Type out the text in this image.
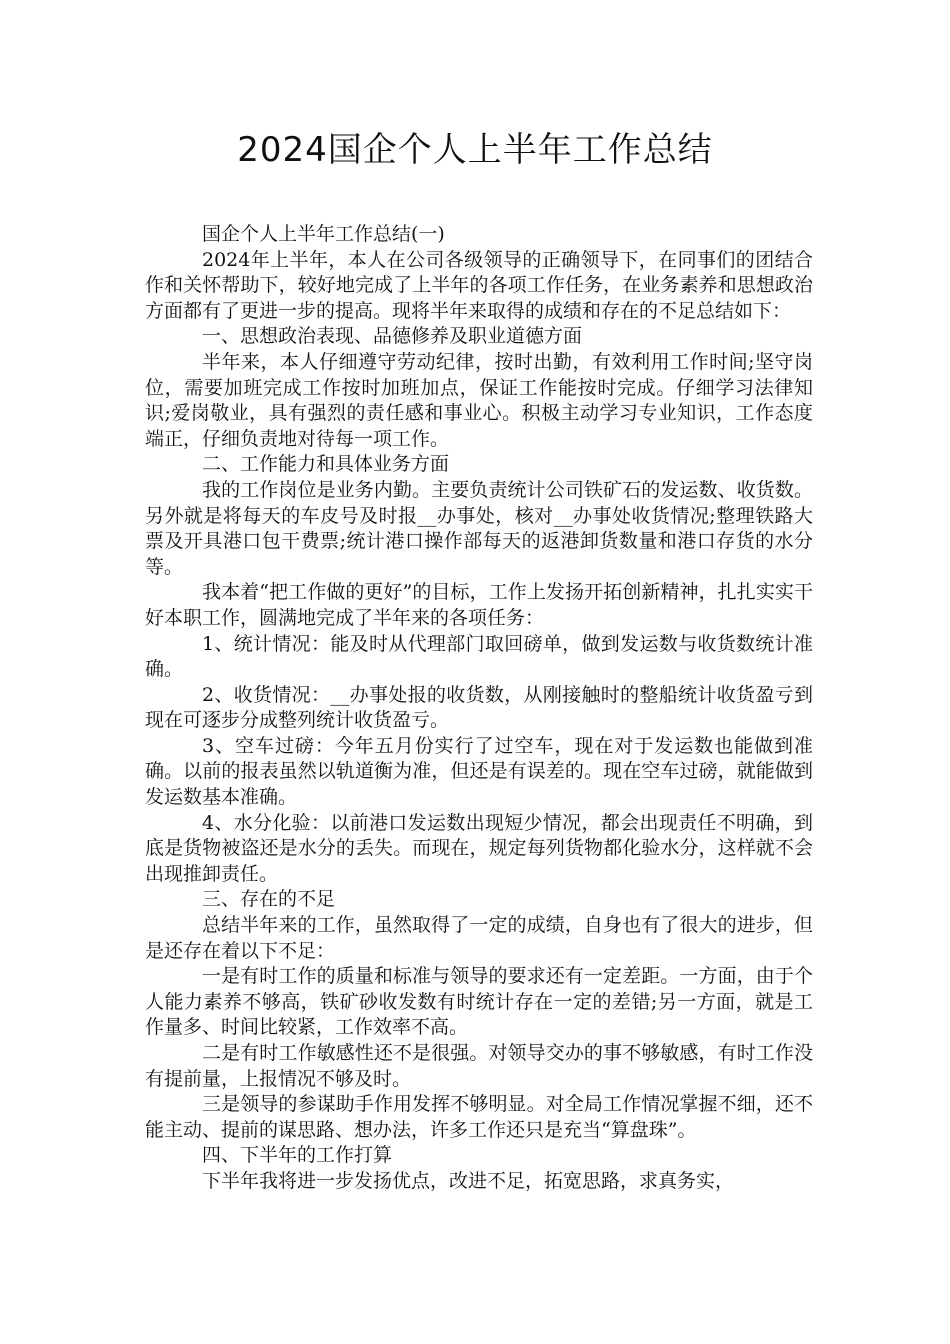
2024国企个人上半年工作总结

国企个人上半年工作总结(一)

2024年上半年，本人在公司各级领导的正确领导下，在同事们的团结合作和关怀帮助下，较好地完成了上半年的各项工作任务，在业务素养和思想政治方面都有了更进一步的提高。现将半年来取得的成绩和存在的不足总结如下：

一、思想政治表现、品德修养及职业道德方面

半年来，本人仔细遵守劳动纪律，按时出勤，有效利用工作时间;坚守岗位，需要加班完成工作按时加班加点，保证工作能按时完成。仔细学习法律知识;爱岗敬业，具有强烈的责任感和事业心。积极主动学习专业知识，工作态度端正，仔细负责地对待每一项工作。

二、工作能力和具体业务方面

我的工作岗位是业务内勤。主要负责统计公司铁矿石的发运数、收货数。另外就是将每天的车皮号及时报__办事处，核对__办事处收货情况;整理铁路大票及开具港口包干费票;统计港口操作部每天的返港卸货数量和港口存货的水分等。

我本着“把工作做的更好”的目标，工作上发扬开拓创新精神，扎扎实实干好本职工作，圆满地完成了半年来的各项任务：

1、统计情况：能及时从代理部门取回磅单，做到发运数与收货数统计准确。

2、收货情况：__办事处报的收货数，从刚接触时的整船统计收货盈亏到现在可逐步分成整列统计收货盈亏。

3、空车过磅：今年五月份实行了过空车，现在对于发运数也能做到准确。以前的报表虽然以轨道衡为准，但还是有误差的。现在空车过磅，就能做到发运数基本准确。

4、水分化验：以前港口发运数出现短少情况，都会出现责任不明确，到底是货物被盗还是水分的丢失。而现在，规定每列货物都化验水分，这样就不会出现推卸责任。

三、存在的不足

总结半年来的工作，虽然取得了一定的成绩，自身也有了很大的进步，但是还存在着以下不足：

一是有时工作的质量和标准与领导的要求还有一定差距。一方面，由于个人能力素养不够高，铁矿砂收发数有时统计存在一定的差错;另一方面，就是工作量多、时间比较紧，工作效率不高。

二是有时工作敏感性还不是很强。对领导交办的事不够敏感，有时工作没有提前量，上报情况不够及时。

三是领导的参谋助手作用发挥不够明显。对全局工作情况掌握不细，还不能主动、提前的谋思路、想办法，许多工作还只是充当“算盘珠”。

四、下半年的工作打算

下半年我将进一步发扬优点，改进不足，拓宽思路，求真务实，
